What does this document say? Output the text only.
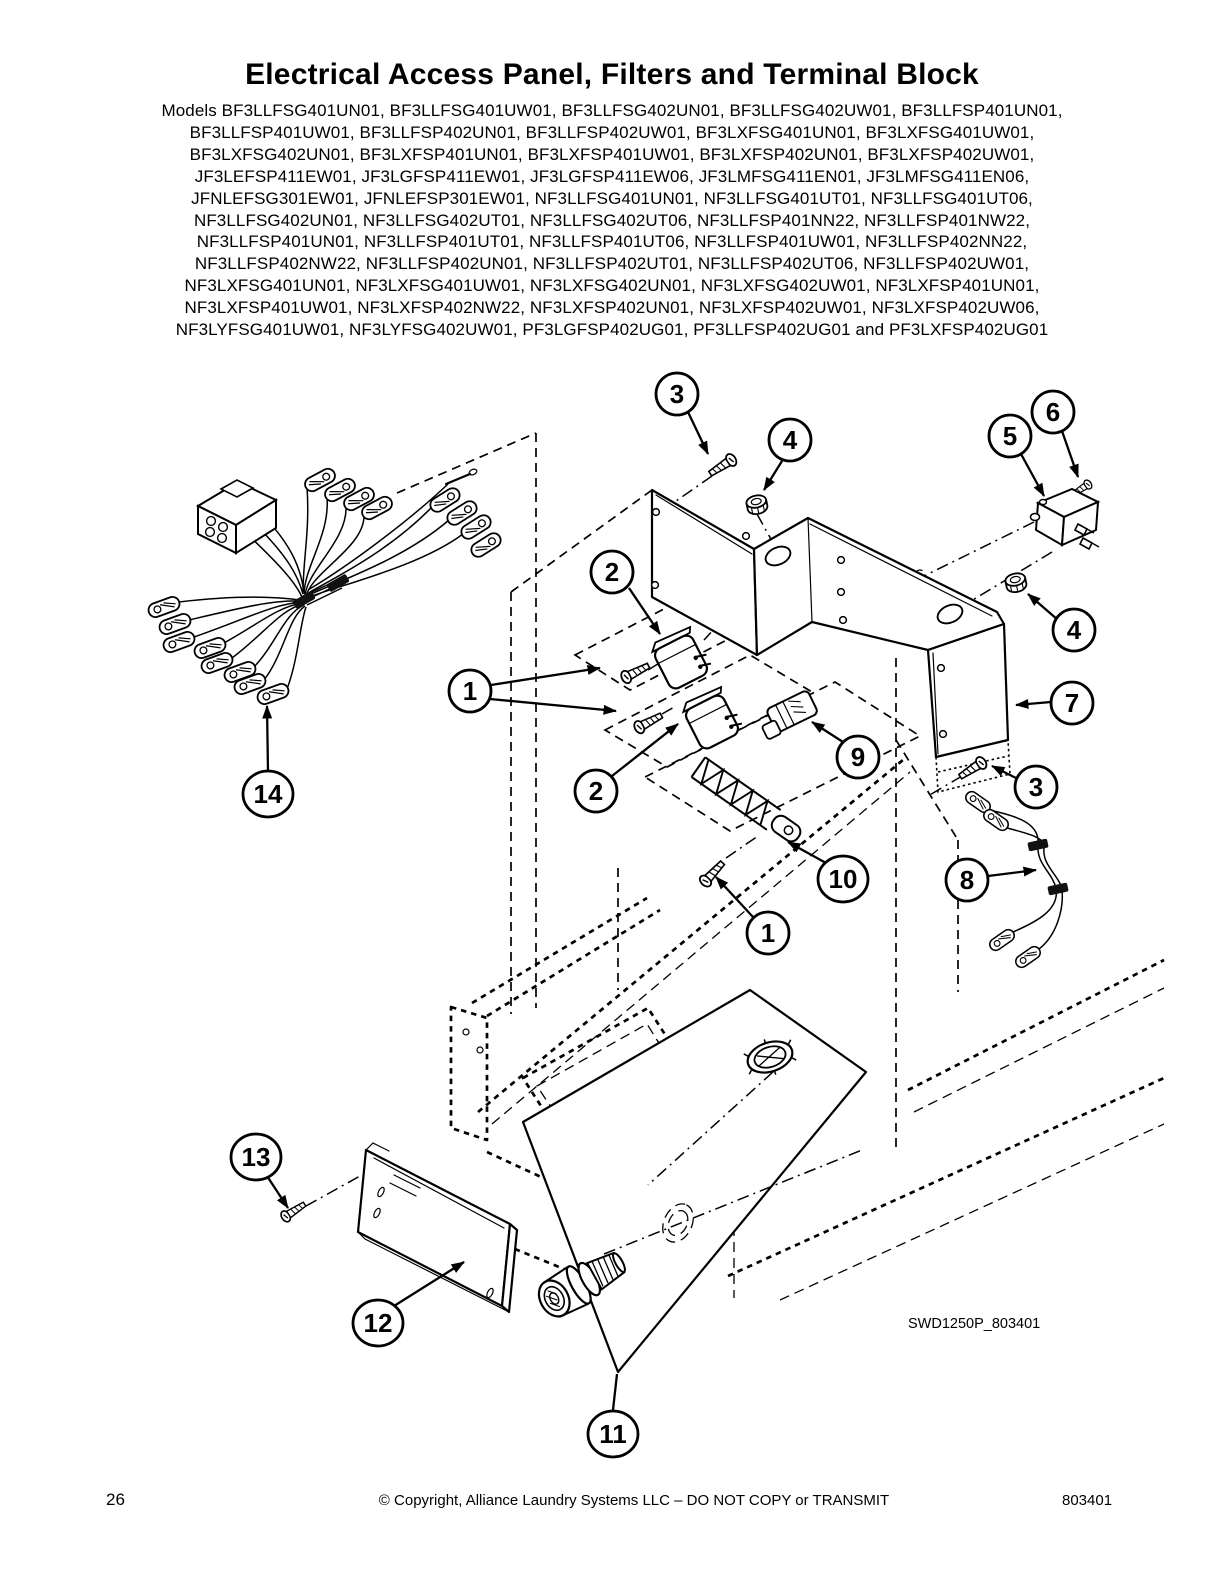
Electrical Access Panel, Filters and Terminal Block
Models BF3LLFSG401UN01, BF3LLFSG401UW01, BF3LLFSG402UN01, BF3LLFSG402UW01, BF3LLFSP401UN01,
BF3LLFSP401UW01, BF3LLFSP402UN01, BF3LLFSP402UW01, BF3LXFSG401UN01, BF3LXFSG401UW01,
BF3LXFSG402UN01, BF3LXFSP401UN01, BF3LXFSP401UW01, BF3LXFSP402UN01, BF3LXFSP402UW01,
JF3LEFSP411EW01, JF3LGFSP411EW01, JF3LGFSP411EW06, JF3LMFSG411EN01, JF3LMFSG411EN06,
JFNLEFSG301EW01, JFNLEFSP301EW01, NF3LLFSG401UN01, NF3LLFSG401UT01, NF3LLFSG401UT06,
NF3LLFSG402UN01, NF3LLFSG402UT01, NF3LLFSG402UT06, NF3LLFSP401NN22, NF3LLFSP401NW22,
NF3LLFSP401UN01, NF3LLFSP401UT01, NF3LLFSP401UT06, NF3LLFSP401UW01, NF3LLFSP402NN22,
NF3LLFSP402NW22, NF3LLFSP402UN01, NF3LLFSP402UT01, NF3LLFSP402UT06, NF3LLFSP402UW01,
NF3LXFSG401UN01, NF3LXFSG401UW01, NF3LXFSG402UN01, NF3LXFSG402UW01, NF3LXFSP401UN01,
NF3LXFSP401UW01, NF3LXFSP402NW22, NF3LXFSP402UN01, NF3LXFSP402UW01, NF3LXFSP402UW06,
NF3LYFSG401UW01, NF3LYFSG402UW01, PF3LGFSP402UG01, PF3LLFSP402UG01 and PF3LXFSP402UG01
3
4	5
6
2
4
1	7
9
2	3
10	8
1
14
13
12
11
SWD1250P_803401
26	© Copyright, Alliance Laundry Systems LLC – DO NOT COPY or TRANSMIT	803401
